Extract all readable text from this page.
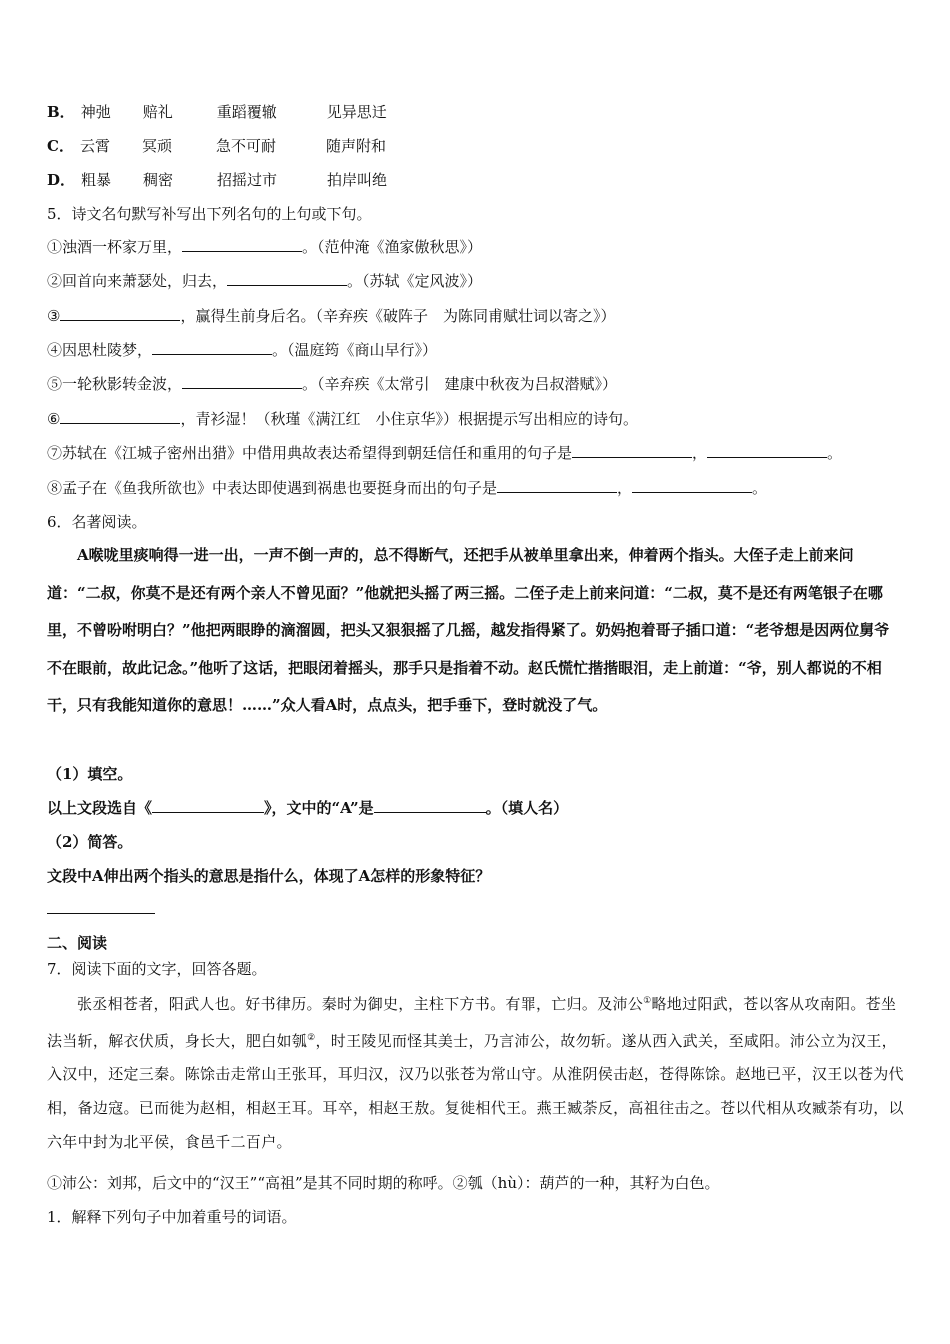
B． 神弛 赔礼	重蹈覆辙	见异思迁
C． 云霄 冥顽	急不可耐	随声附和
D． 粗暴 稠密	招摇过市	拍岸叫绝
5．诗文名句默写补写出下列名句的上句或下句。
①浊酒一杯家万里，	。（范仲淹《渔家傲秋思》）
②回首向来萧瑟处，归去，	。（苏轼《定风波》）
③	，赢得生前身后名。（辛弃疾《破阵子　为陈同甫赋壮词以寄之》）
④因思杜陵梦，	。（温庭筠《商山早行》）
⑤一轮秋影转金波，	。（辛弃疾《太常引　建康中秋夜为吕叔潜赋》）
⑥	，青衫湿！（秋瑾《满江红　小住京华》）根据提示写出相应的诗句。
⑦苏轼在《江城子密州出猎》中借用典故表达希望得到朝廷信任和重用的句子是	，	。
⑧孟子在《鱼我所欲也》中表达即使遇到祸患也要挺身而出的句子是	，	。
6．名著阅读。
A喉咙里痰响得一进一出，一声不倒一声的，总不得断气，还把手从被单里拿出来，伸着两个指头。大侄子走上前来问道：“二叔，你莫不是还有两个亲人不曾见面？”他就把头摇了两三摇。二侄子走上前来问道：“二叔，莫不是还有两笔银子在哪里，不曾吩咐明白？”他把两眼睁的滴溜圆，把头又狠狠摇了几摇，越发指得紧了。奶妈抱着哥子插口道：“老爷想是因两位舅爷不在眼前，故此记念。”他听了这话，把眼闭着摇头，那手只是指着不动。赵氏慌忙揩揩眼泪，走上前道：“爷，别人都说的不相干，只有我能知道你的意思！……”众人看A时，点点头，把手垂下，登时就没了气。
（1）填空。
以上文段选自《	》，文中的“A”是	。（填人名）
（2）简答。
文段中A伸出两个指头的意思是指什么，体现了A怎样的形象特征？
二、阅读
7．阅读下面的文字，回答各题。
张丞相苍者，阳武人也。好书律历。秦时为御史，主柱下方书。有罪，亡归。及沛公①略地过阳武，苍以客从攻南阳。苍坐法当斩，解衣伏质，身长大，肥白如瓠②，时王陵见而怪其美士，乃言沛公，故勿斩。遂从西入武关，至咸阳。沛公立为汉王，入汉中，还定三秦。陈馀击走常山王张耳，耳归汉，汉乃以张苍为常山守。从淮阴侯击赵，苍得陈馀。赵地已平，汉王以苍为代相，备边寇。已而徙为赵相，相赵王耳。耳卒，相赵王敖。复徙相代王。燕王臧荼反，高祖往击之。苍以代相从攻臧荼有功，以六年中封为北平侯，食邑千二百户。
①沛公：刘邦，后文中的“汉王”“高祖”是其不同时期的称呼。②瓠（hù）：葫芦的一种，其籽为白色。
1．解释下列句子中加着重号的词语。
